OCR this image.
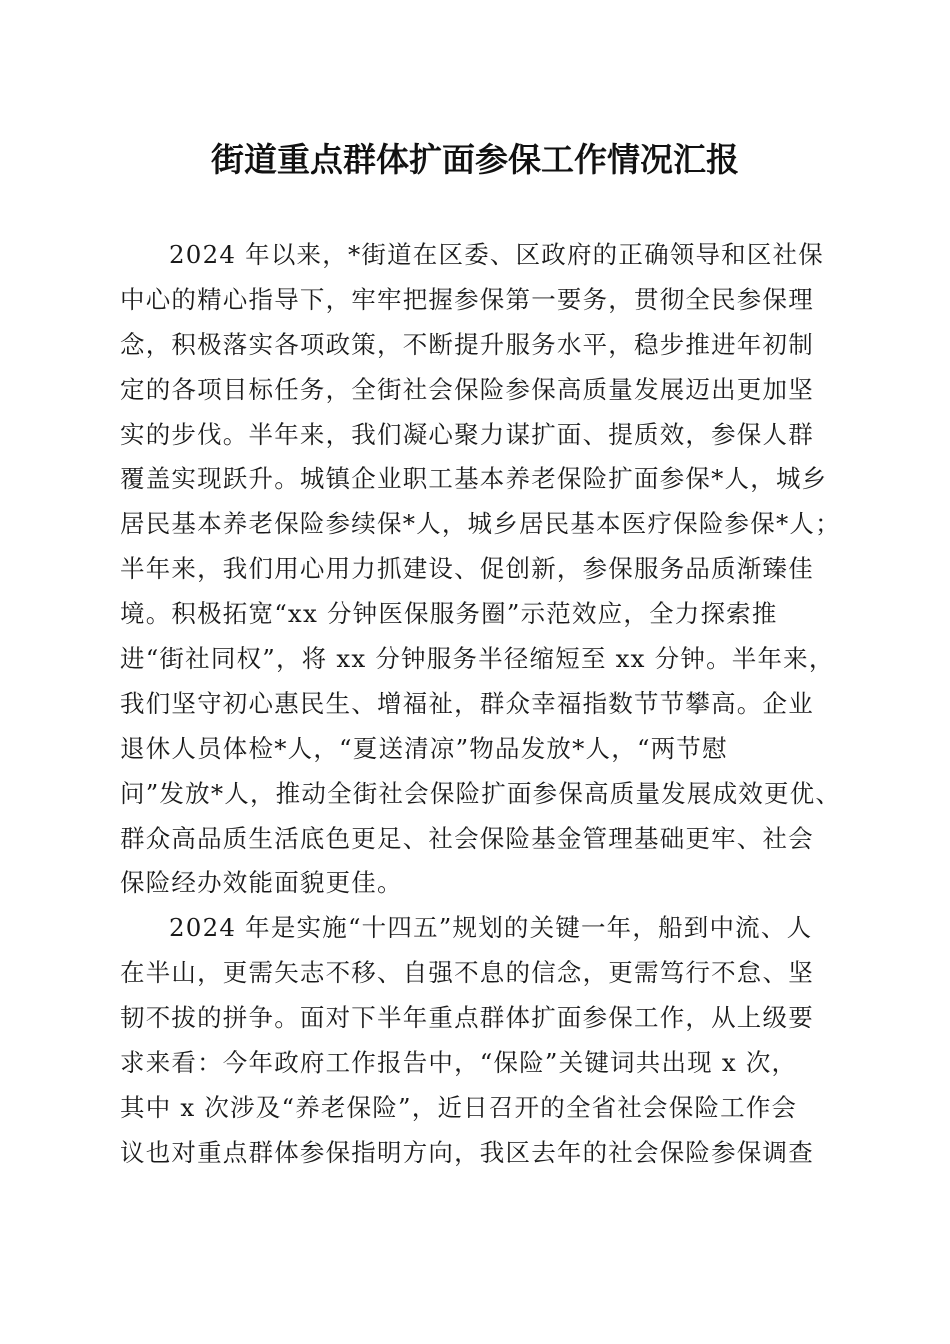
街道重点群体扩面参保工作情况汇报
2024 年以来，*街道在区委、区政府的正确领导和区社保
中心的精心指导下，牢牢把握参保第一要务，贯彻全民参保理
念，积极落实各项政策，不断提升服务水平，稳步推进年初制
定的各项目标任务，全街社会保险参保高质量发展迈出更加坚
实的步伐。半年来，我们凝心聚力谋扩面、提质效，参保人群
覆盖实现跃升。城镇企业职工基本养老保险扩面参保*人，城乡
居民基本养老保险参续保*人，城乡居民基本医疗保险参保*人；
半年来，我们用心用力抓建设、促创新，参保服务品质渐臻佳
境。积极拓宽“xx 分钟医保服务圈”示范效应，全力探索推
进“街社同权”，将 xx 分钟服务半径缩短至 xx 分钟。半年来，
我们坚守初心惠民生、增福祉，群众幸福指数节节攀高。企业
退休人员体检*人，“夏送清凉”物品发放*人，“两节慰
问”发放*人，推动全街社会保险扩面参保高质量发展成效更优、
群众高品质生活底色更足、社会保险基金管理基础更牢、社会
保险经办效能面貌更佳。
2024 年是实施“十四五”规划的关键一年，船到中流、人
在半山，更需矢志不移、自强不息的信念，更需笃行不怠、坚
韧不拔的拼争。面对下半年重点群体扩面参保工作，从上级要
求来看：今年政府工作报告中，“保险”关键词共出现 x 次，
其中 x 次涉及“养老保险”，近日召开的全省社会保险工作会
议也对重点群体参保指明方向，我区去年的社会保险参保调查
